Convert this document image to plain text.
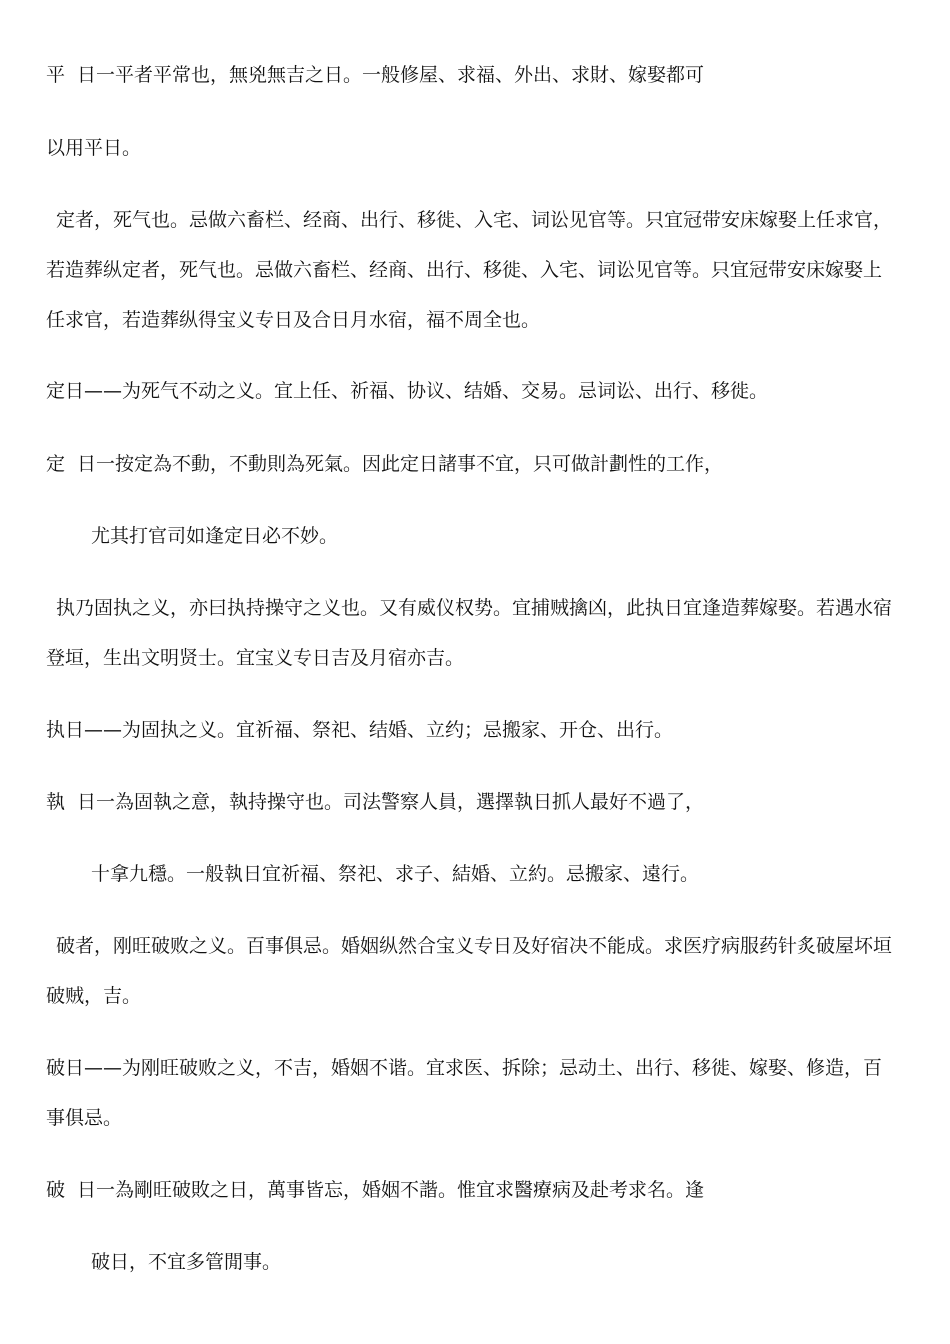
平 日一平者平常也，無兇無吉之日。一般修屋、求福、外出、求財、嫁娶都可
以用平日。
定者，死气也。忌做六畜栏、经商、出行、移徙、入宅、词讼见官等。只宜冠带安床嫁娶上任求官，
若造葬纵定者，死气也。忌做六畜栏、经商、出行、移徙、入宅、词讼见官等。只宜冠带安床嫁娶上
任求官，若造葬纵得宝义专日及合日月水宿，福不周全也。
定日——为死气不动之义。宜上任、祈福、协议、结婚、交易。忌词讼、出行、移徙。
定 日一按定為不動，不動則為死氣。因此定日諸事不宜，只可做計劃性的工作，
尤其打官司如逢定日必不妙。
执乃固执之义，亦曰执持操守之义也。又有威仪权势。宜捕贼擒凶，此执日宜逢造葬嫁娶。若遇水宿
登垣，生出文明贤士。宜宝义专日吉及月宿亦吉。
执日——为固执之义。宜祈福、祭祀、结婚、立约；忌搬家、开仓、出行。
執 日一為固執之意，執持操守也。司法警察人員，選擇執日抓人最好不過了，
十拿九穩。一般執日宜祈福、祭祀、求子、結婚、立約。忌搬家、遠行。
破者，刚旺破败之义。百事俱忌。婚姻纵然合宝义专日及好宿决不能成。求医疗病服药针炙破屋坏垣
破贼，吉。
破日——为刚旺破败之义，不吉，婚姻不谐。宜求医、拆除；忌动土、出行、移徙、嫁娶、修造，百
事俱忌。
破 日一為剛旺破敗之日，萬事皆忘，婚姻不諧。惟宜求醫療病及赴考求名。逢
破日，不宜多管閒事。
